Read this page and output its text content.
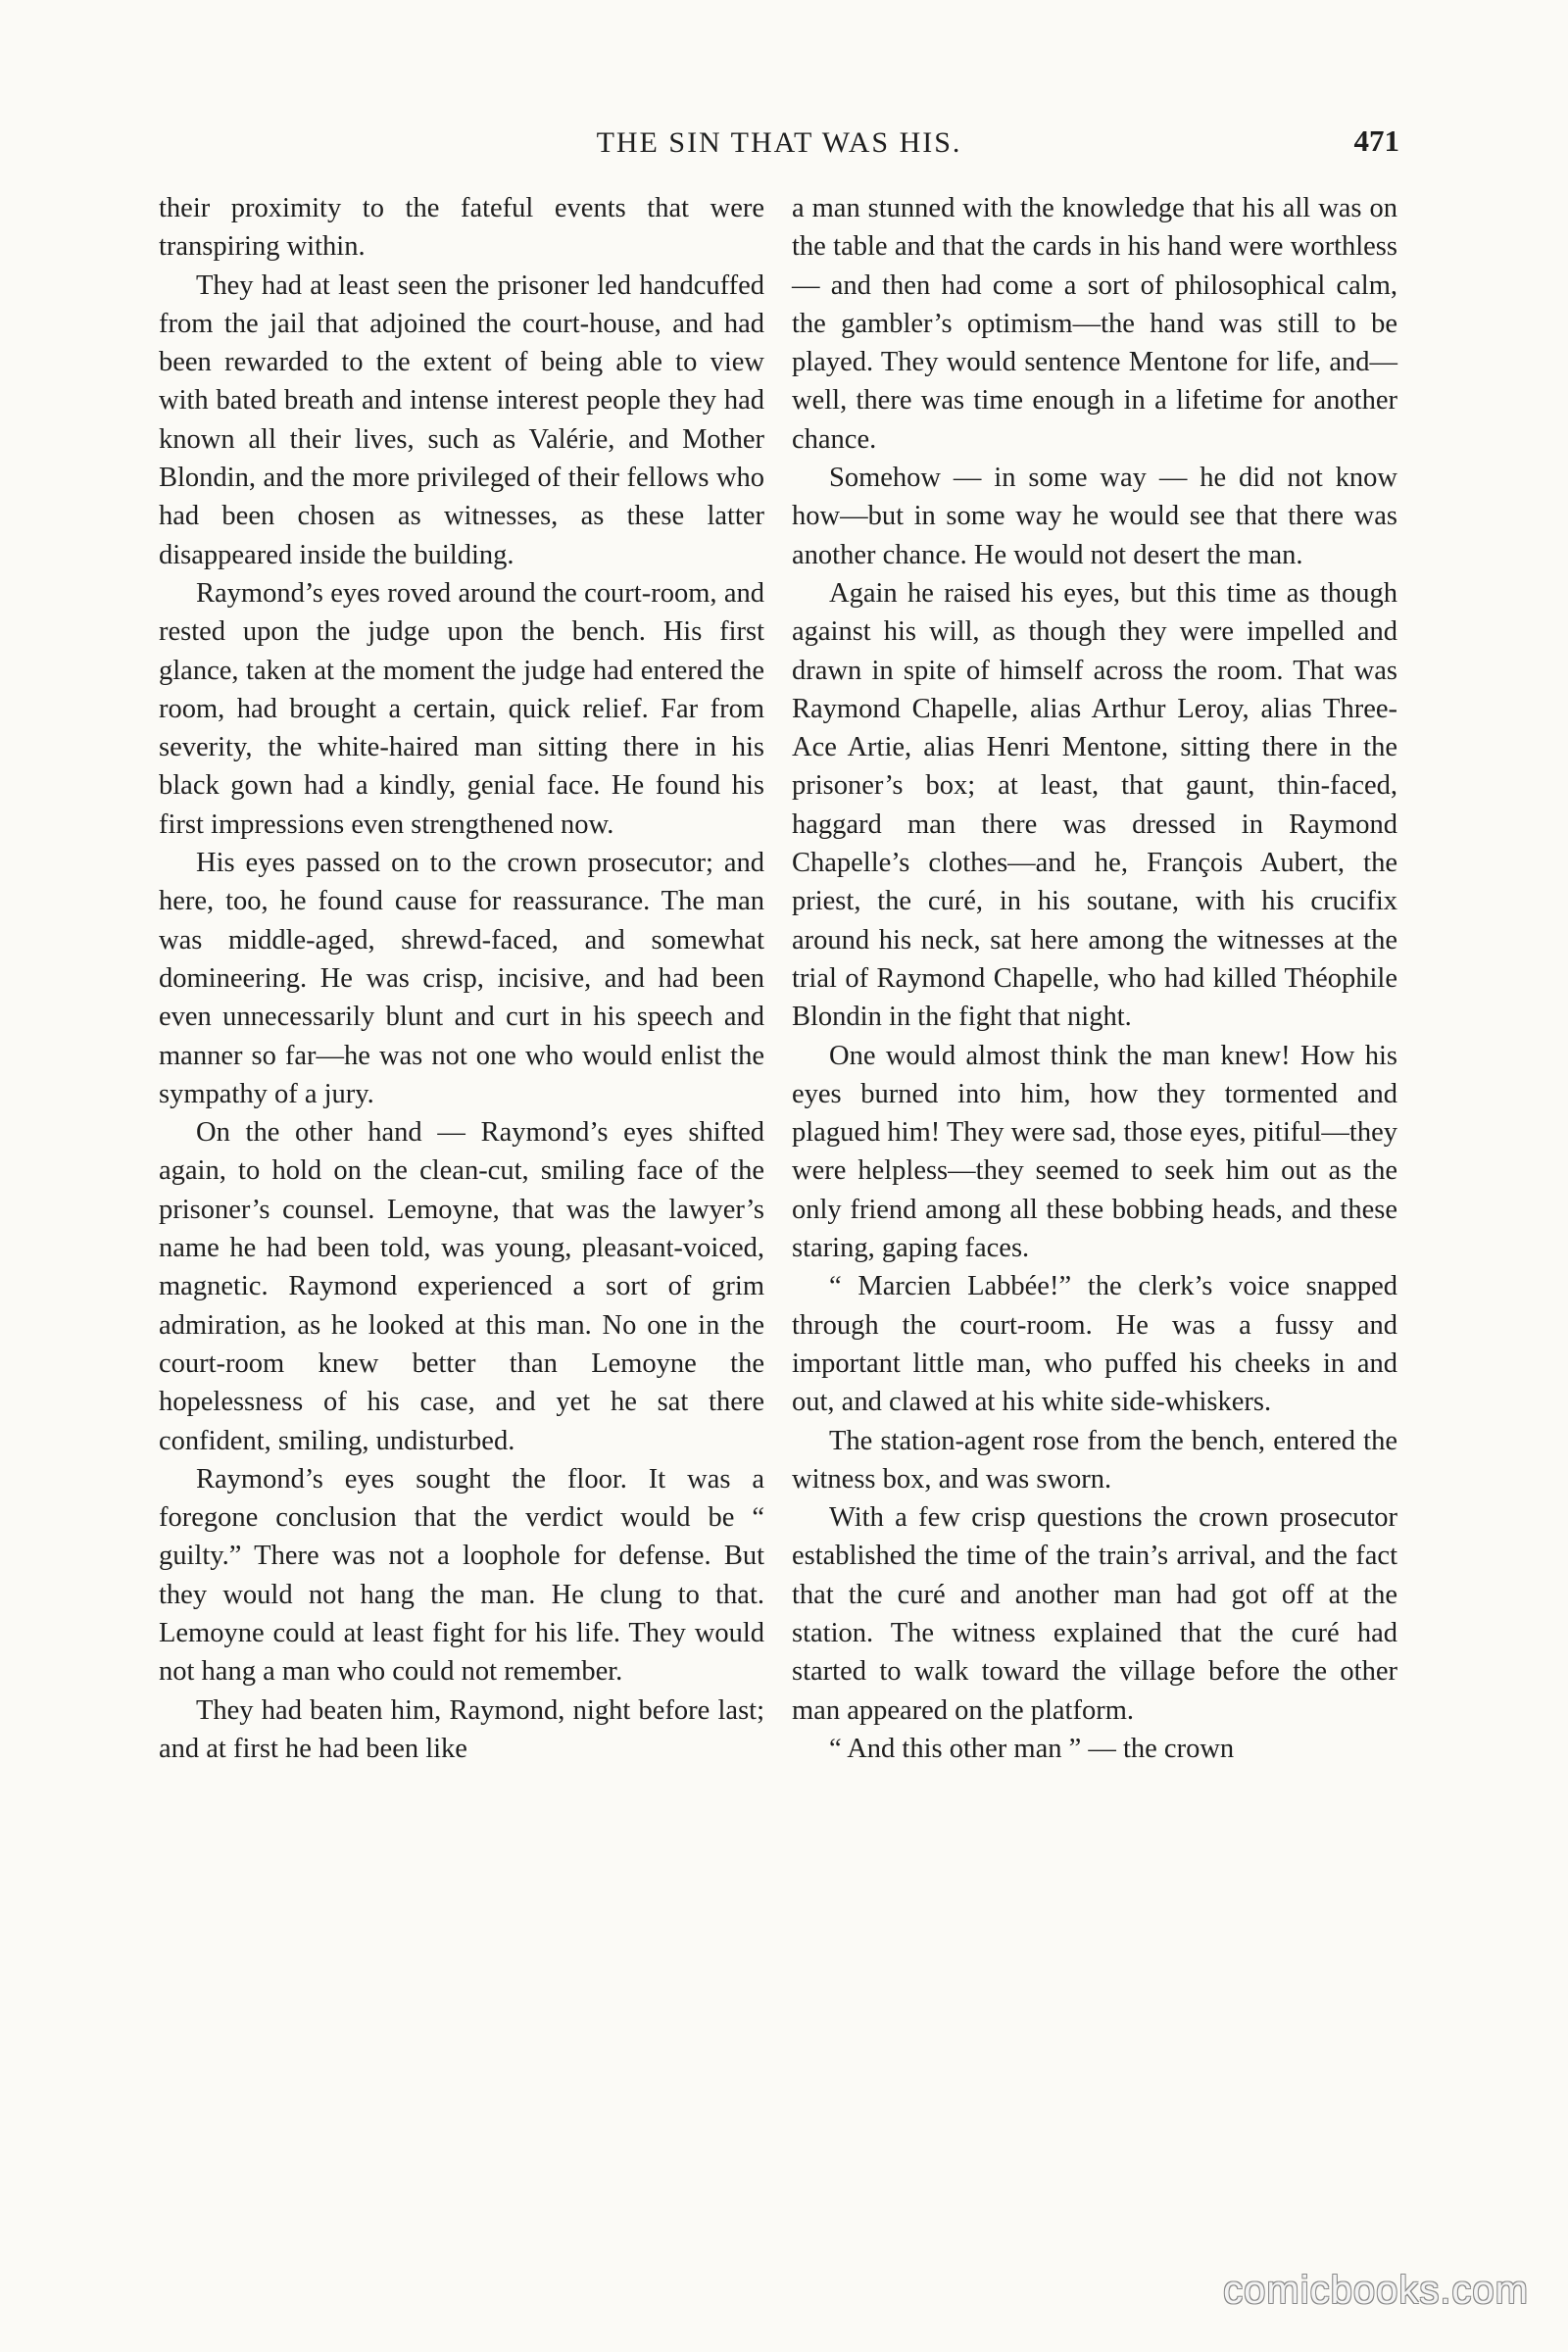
THE SIN THAT WAS HIS.	471

their proximity to the fateful events that were transpiring within.

They had at least seen the prisoner led handcuffed from the jail that adjoined the court-house, and had been rewarded to the extent of being able to view with bated breath and intense interest people they had known all their lives, such as Valérie, and Mother Blondin, and the more privileged of their fellows who had been chosen as witnesses, as these latter disappeared inside the building.

Raymond’s eyes roved around the court-room, and rested upon the judge upon the bench. His first glance, taken at the moment the judge had entered the room, had brought a certain, quick relief. Far from severity, the white-haired man sitting there in his black gown had a kindly, genial face. He found his first impressions even strengthened now.

His eyes passed on to the crown prosecutor; and here, too, he found cause for reassurance. The man was middle-aged, shrewd-faced, and somewhat domineering. He was crisp, incisive, and had been even unnecessarily blunt and curt in his speech and manner so far—he was not one who would enlist the sympathy of a jury.

On the other hand — Raymond’s eyes shifted again, to hold on the clean-cut, smiling face of the prisoner’s counsel. Lemoyne, that was the lawyer’s name he had been told, was young, pleasant-voiced, magnetic. Raymond experienced a sort of grim admiration, as he looked at this man. No one in the court-room knew better than Lemoyne the hopelessness of his case, and yet he sat there confident, smiling, undisturbed.

Raymond’s eyes sought the floor. It was a foregone conclusion that the verdict would be “ guilty.” There was not a loophole for defense. But they would not hang the man. He clung to that. Lemoyne could at least fight for his life. They would not hang a man who could not remember.

They had beaten him, Raymond, night before last; and at first he had been like

a man stunned with the knowledge that his all was on the table and that the cards in his hand were worthless — and then had come a sort of philosophical calm, the gambler’s optimism—the hand was still to be played. They would sentence Mentone for life, and—well, there was time enough in a lifetime for another chance.

Somehow — in some way — he did not know how—but in some way he would see that there was another chance. He would not desert the man.

Again he raised his eyes, but this time as though against his will, as though they were impelled and drawn in spite of himself across the room. That was Raymond Chapelle, alias Arthur Leroy, alias Three-Ace Artie, alias Henri Mentone, sitting there in the prisoner’s box; at least, that gaunt, thin-faced, haggard man there was dressed in Raymond Chapelle’s clothes—and he, François Aubert, the priest, the curé, in his soutane, with his crucifix around his neck, sat here among the witnesses at the trial of Raymond Chapelle, who had killed Théophile Blondin in the fight that night.

One would almost think the man knew! How his eyes burned into him, how they tormented and plagued him! They were sad, those eyes, pitiful—they were helpless—they seemed to seek him out as the only friend among all these bobbing heads, and these staring, gaping faces.

“ Marcien Labbée!” the clerk’s voice snapped through the court-room. He was a fussy and important little man, who puffed his cheeks in and out, and clawed at his white side-whiskers.

The station-agent rose from the bench, entered the witness box, and was sworn.

With a few crisp questions the crown prosecutor established the time of the train’s arrival, and the fact that the curé and another man had got off at the station. The witness explained that the curé had started to walk toward the village before the other man appeared on the platform.

“ And this other man ” — the crown

comicbooks.com
